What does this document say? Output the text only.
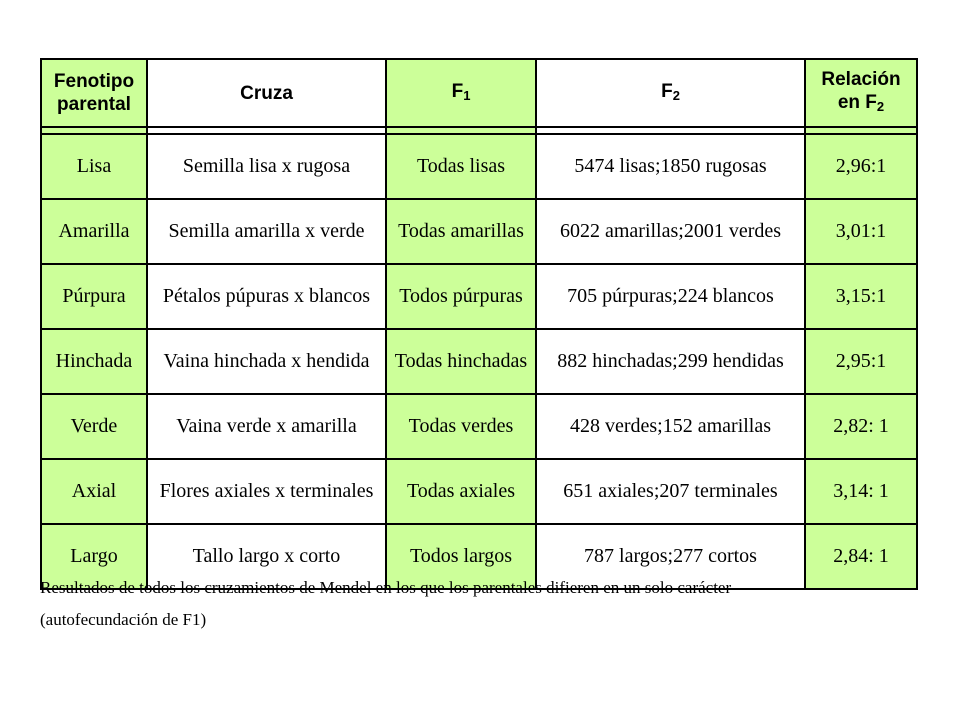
Fenotipo
parental	Cruza	$F_1$	$F_2$	Relación
en $F_2$

Lisa	Semilla lisa x rugosa	Todas lisas	5474 lisas;1850 rugosas	2,96:1
Amarilla	Semilla amarilla x verde	Todas amarillas	6022 amarillas;2001 verdes	3,01:1
Púrpura	Pétalos púpuras x blancos	Todos púrpuras	705 púrpuras;224 blancos	3,15:1
Hinchada	Vaina hinchada x hendida	Todas hinchadas	882 hinchadas;299 hendidas	2,95:1
Verde	Vaina verde x amarilla	Todas verdes	428 verdes;152 amarillas	2,82: 1
Axial	Flores axiales x terminales	Todas axiales	651 axiales;207 terminales	3,14: 1
Largo	Tallo largo x corto	Todos largos	787 largos;277 cortos	2,84: 1

Resultados de todos los cruzamientos de Mendel en los que los parentales difieren en un solo carácter

(autofecundación de F1)
